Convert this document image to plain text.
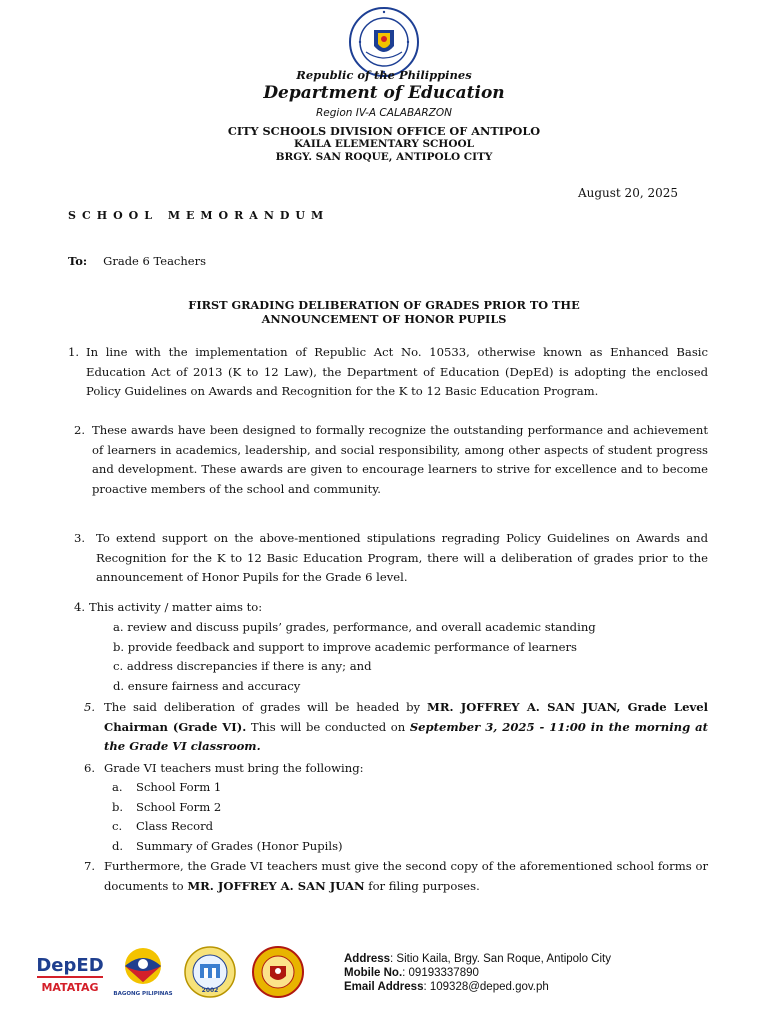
Republic of the Philippines
Department of Education
Region IV-A CALABARZON
CITY SCHOOLS DIVISION OFFICE OF ANTIPOLO
KAILA ELEMENTARY SCHOOL
BRGY. SAN ROQUE, ANTIPOLO CITY
August 20, 2025
SCHOOL MEMORANDUM
To: Grade 6 Teachers
FIRST GRADING DELIBERATION OF GRADES PRIOR TO THE
ANNOUNCEMENT OF HONOR PUPILS
1. In line with the implementation of Republic Act No. 10533, otherwise known as Enhanced Basic Education Act of 2013 (K to 12 Law), the Department of Education (DepEd) is adopting the enclosed Policy Guidelines on Awards and Recognition for the K to 12 Basic Education Program.
2. These awards have been designed to formally recognize the outstanding performance and achievement of learners in academics, leadership, and social responsibility, among other aspects of student progress and development. These awards are given to encourage learners to strive for excellence and to become proactive members of the school and community.
3. To extend support on the above-mentioned stipulations regrading Policy Guidelines on Awards and Recognition for the K to 12 Basic Education Program, there will a deliberation of grades prior to the announcement of Honor Pupils for the Grade 6 level.
4. This activity / matter aims to:
a. review and discuss pupils’ grades, performance, and overall academic standing
b. provide feedback and support to improve academic performance of learners
c. address discrepancies if there is any; and
d. ensure fairness and accuracy
5. The said deliberation of grades will be headed by MR. JOFFREY A. SAN JUAN, Grade Level Chairman (Grade VI). This will be conducted on September 3, 2025 - 11:00 in the morning at the Grade VI classroom.
6. Grade VI teachers must bring the following:
a. School Form 1
b. School Form 2
c. Class Record
d. Summary of Grades (Honor Pupils)
7. Furthermore, the Grade VI teachers must give the second copy of the aforementioned school forms or documents to MR. JOFFREY A. SAN JUAN for filing purposes.
DepED
MATATAG	BAGONG PILIPINAS	2002
Address: Sitio Kaila, Brgy. San Roque, Antipolo City
Mobile No.: 09193337890
Email Address: 109328@deped.gov.ph
